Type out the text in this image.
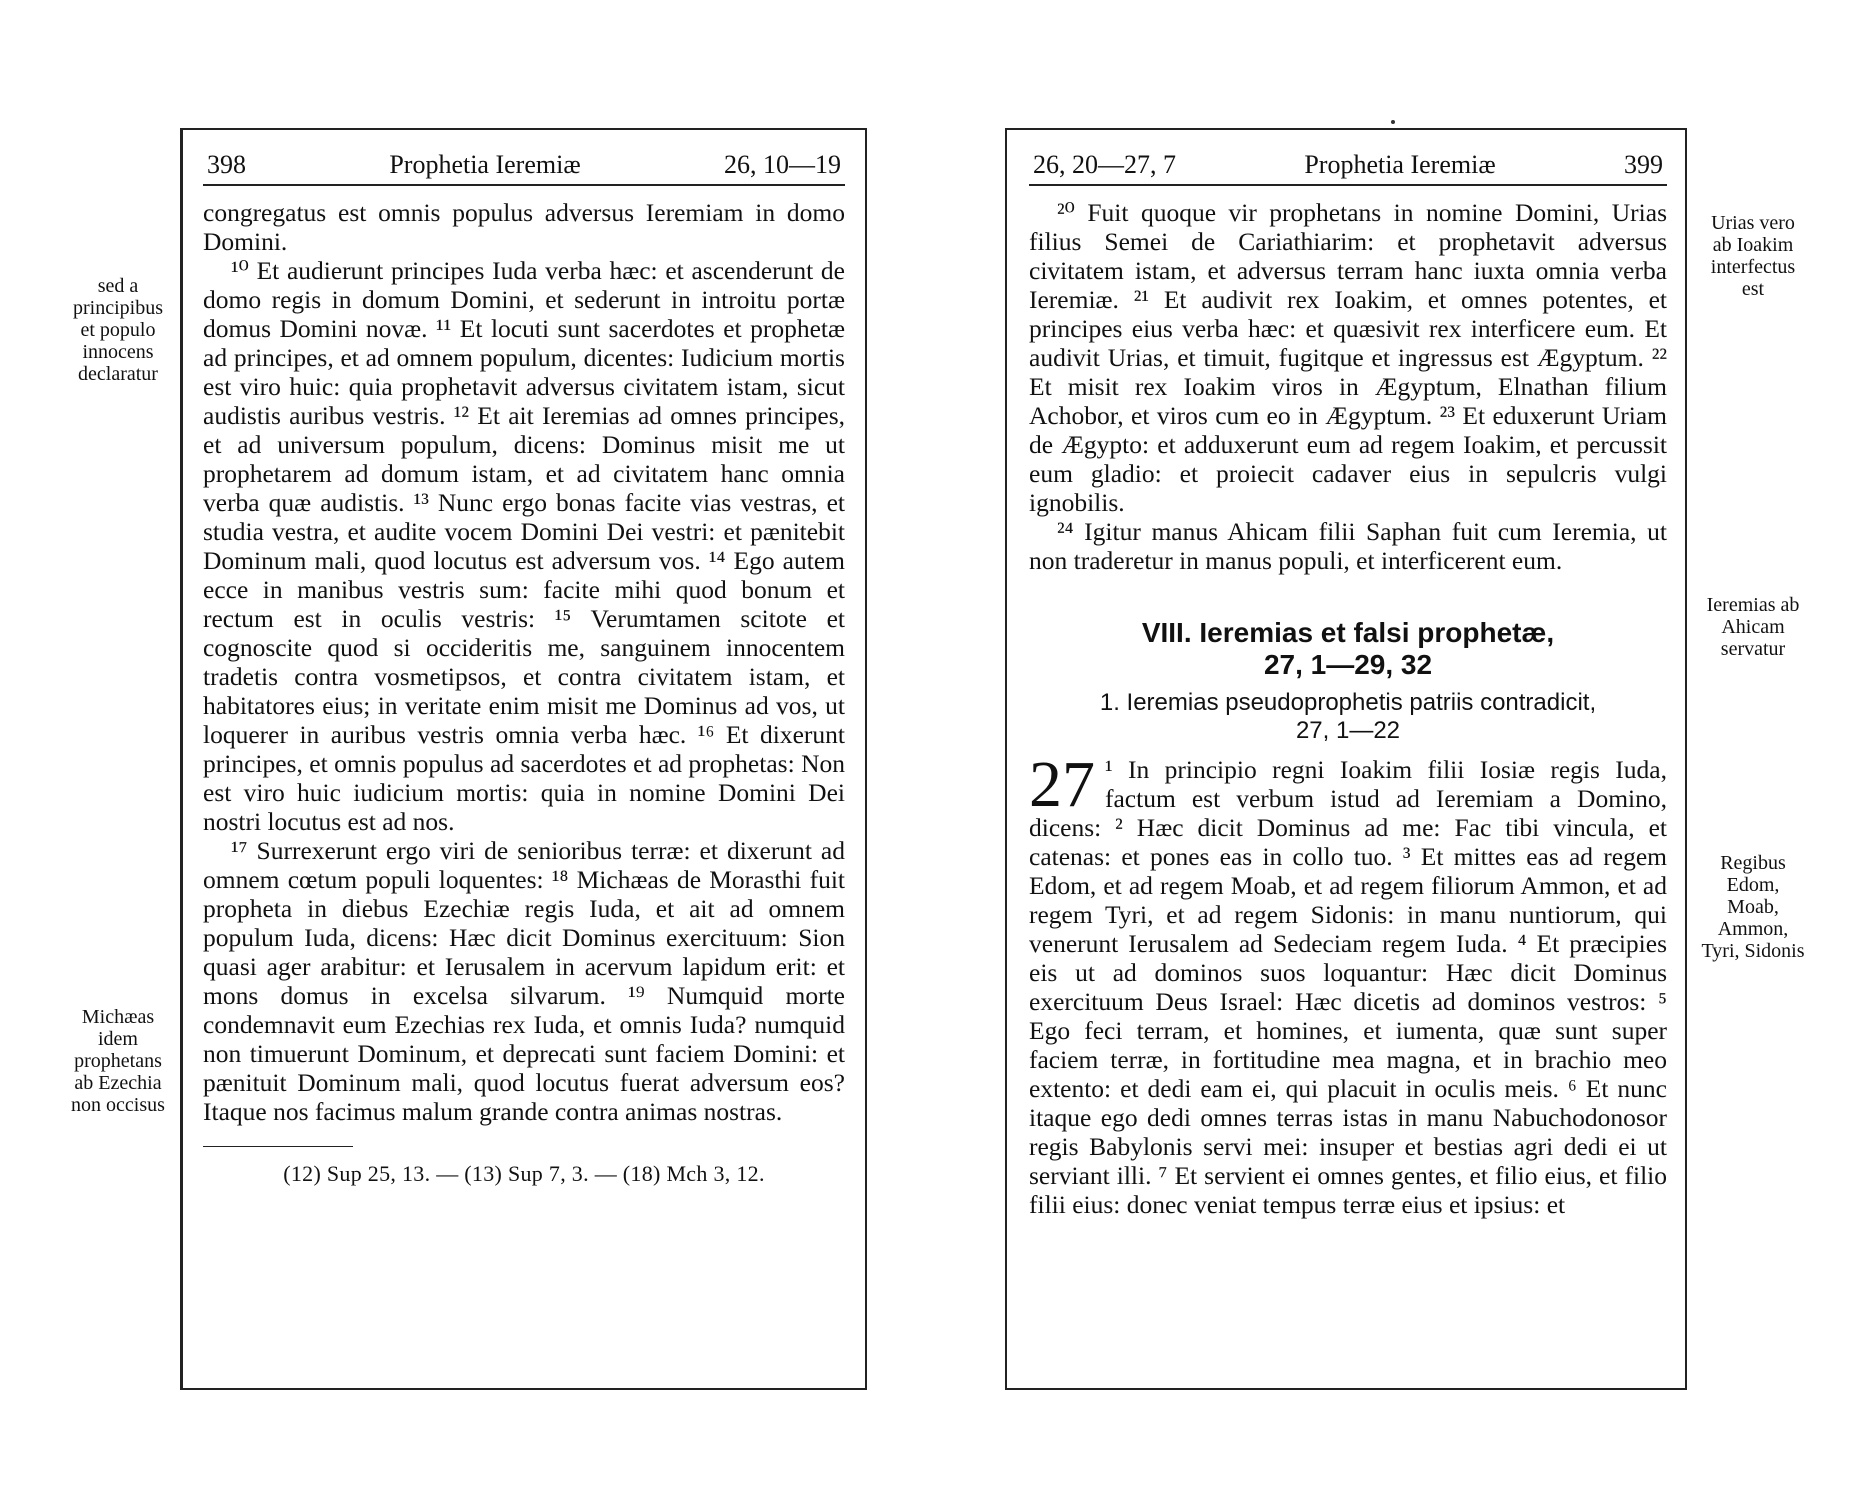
398	Prophetia Ieremiæ	26, 10—19

congregatus est omnis populus adversus Ieremiam in domo Domini.

¹⁰ Et audierunt principes Iuda verba hæc: et ascenderunt de domo regis in domum Domini, et sederunt in introitu portæ domus Domini novæ. ¹¹ Et locuti sunt sacerdotes et prophetæ ad principes, et ad omnem populum, dicentes: Iudicium mortis est viro huic: quia prophetavit adversus civitatem istam, sicut audistis auribus vestris. ¹² Et ait Ieremias ad omnes principes, et ad universum populum, dicens: Dominus misit me ut prophetarem ad domum istam, et ad civitatem hanc omnia verba quæ audistis. ¹³ Nunc ergo bonas facite vias vestras, et studia vestra, et audite vocem Domini Dei vestri: et pænitebit Dominum mali, quod locutus est adversum vos. ¹⁴ Ego autem ecce in manibus vestris sum: facite mihi quod bonum et rectum est in oculis vestris: ¹⁵ Verumtamen scitote et cognoscite quod si occideritis me, sanguinem innocentem tradetis contra vosmetipsos, et contra civitatem istam, et habitatores eius; in veritate enim misit me Dominus ad vos, ut loquerer in auribus vestris omnia verba hæc. ¹⁶ Et dixerunt principes, et omnis populus ad sacerdotes et ad prophetas: Non est viro huic iudicium mortis: quia in nomine Domini Dei nostri locutus est ad nos.

¹⁷ Surrexerunt ergo viri de senioribus terræ: et dixerunt ad omnem cœtum populi loquentes: ¹⁸ Michæas de Morasthi fuit propheta in diebus Ezechiæ regis Iuda, et ait ad omnem populum Iuda, dicens: Hæc dicit Dominus exercituum: Sion quasi ager arabitur: et Ierusalem in acervum lapidum erit: et mons domus in excelsa silvarum. ¹⁹ Numquid morte condemnavit eum Ezechias rex Iuda, et omnis Iuda? numquid non timuerunt Dominum, et deprecati sunt faciem Domini: et pænituit Dominum mali, quod locutus fuerat adversum eos? Itaque nos facimus malum grande contra animas nostras.

(12) Sup 25, 13. — (13) Sup 7, 3. — (18) Mch 3, 12.
sed a principibus et populo innocens declaratur
Michæas idem prophetans ab Ezechia non occisus
26, 20—27, 7	Prophetia Ieremiæ	399

²⁰ Fuit quoque vir prophetans in nomine Domini, Urias filius Semei de Cariathiarim: et prophetavit adversus civitatem istam, et adversus terram hanc iuxta omnia verba Ieremiæ. ²¹ Et audivit rex Ioakim, et omnes potentes, et principes eius verba hæc: et quæsivit rex interficere eum. Et audivit Urias, et timuit, fugitque et ingressus est Ægyptum. ²² Et misit rex Ioakim viros in Ægyptum, Elnathan filium Achobor, et viros cum eo in Ægyptum. ²³ Et eduxerunt Uriam de Ægypto: et adduxerunt eum ad regem Ioakim, et percussit eum gladio: et proiecit cadaver eius in sepulcris vulgi ignobilis.

²⁴ Igitur manus Ahicam filii Saphan fuit cum Ieremia, ut non traderetur in manus populi, et interficerent eum.

VIII. Ieremias et falsi prophetæ,
27, 1—29, 32
1. Ieremias pseudoprophetis patriis contradicit,
27, 1—22
27 ¹ In principio regni Ioakim filii Iosiæ regis Iuda, factum est verbum istud ad Ieremiam a Domino, dicens: ² Hæc dicit Dominus ad me: Fac tibi vincula, et catenas: et pones eas in collo tuo. ³ Et mittes eas ad regem Edom, et ad regem Moab, et ad regem filiorum Ammon, et ad regem Tyri, et ad regem Sidonis: in manu nuntiorum, qui venerunt Ierusalem ad Sedeciam regem Iuda. ⁴ Et præcipies eis ut ad dominos suos loquantur: Hæc dicit Dominus exercituum Deus Israel: Hæc dicetis ad dominos vestros: ⁵ Ego feci terram, et homines, et iumenta, quæ sunt super faciem terræ, in fortitudine mea magna, et in brachio meo extento: et dedi eam ei, qui placuit in oculis meis. ⁶ Et nunc itaque ego dedi omnes terras istas in manu Nabuchodonosor regis Babylonis servi mei: insuper et bestias agri dedi ei ut serviant illi. ⁷ Et servient ei omnes gentes, et filio eius, et filio filii eius: donec veniat tempus terræ eius et ipsius: et

Urias vero ab Ioakim interfectus est
Ieremias ab Ahicam servatur
Regibus Edom, Moab, Ammon, Tyri, Sidonis
